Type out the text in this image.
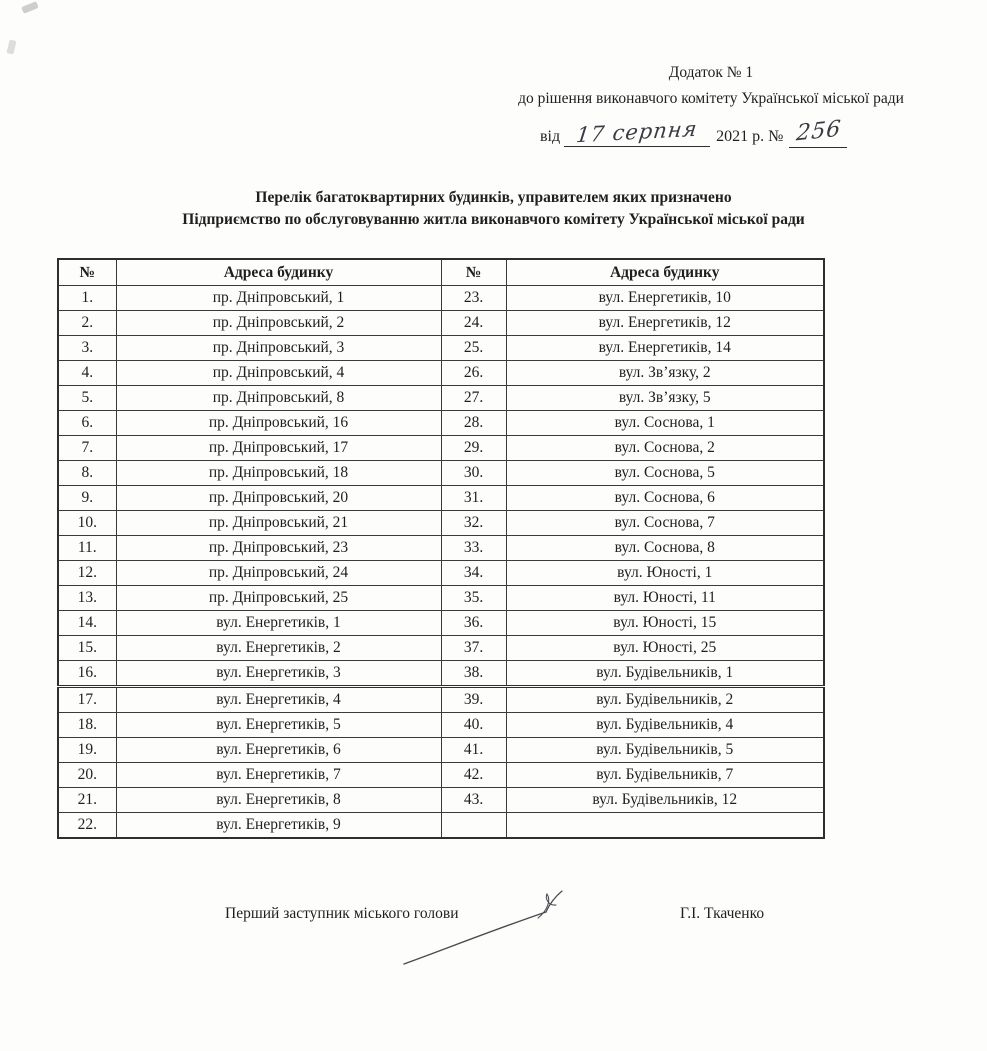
Додаток № 1
до рішення виконавчого комітету Української міської ради
від 17 серпня 2021 р. № 256
Перелік багатоквартирних будинків, управителем яких призначено
Підприємство по обслуговуванню житла виконавчого комітету Української міської ради
№	Адреса будинку	№	Адреса будинку
1.	пр. Дніпровський, 1	23.	вул. Енергетиків, 10
2.	пр. Дніпровський, 2	24.	вул. Енергетиків, 12
3.	пр. Дніпровський, 3	25.	вул. Енергетиків, 14
4.	пр. Дніпровський, 4	26.	вул. Зв’язку, 2
5.	пр. Дніпровський, 8	27.	вул. Зв’язку, 5
6.	пр. Дніпровський, 16	28.	вул. Соснова, 1
7.	пр. Дніпровський, 17	29.	вул. Соснова, 2
8.	пр. Дніпровський, 18	30.	вул. Соснова, 5
9.	пр. Дніпровський, 20	31.	вул. Соснова, 6
10.	пр. Дніпровський, 21	32.	вул. Соснова, 7
11.	пр. Дніпровський, 23	33.	вул. Соснова, 8
12.	пр. Дніпровський, 24	34.	вул. Юності, 1
13.	пр. Дніпровський, 25	35.	вул. Юності, 11
14.	вул. Енергетиків, 1	36.	вул. Юності, 15
15.	вул. Енергетиків, 2	37.	вул. Юності, 25
16.	вул. Енергетиків, 3	38.	вул. Будівельників, 1
17.	вул. Енергетиків, 4	39.	вул. Будівельників, 2
18.	вул. Енергетиків, 5	40.	вул. Будівельників, 4
19.	вул. Енергетиків, 6	41.	вул. Будівельників, 5
20.	вул. Енергетиків, 7	42.	вул. Будівельників, 7
21.	вул. Енергетиків, 8	43.	вул. Будівельників, 12
22.	вул. Енергетиків, 9		
Перший заступник міського голови	Г.І. Ткаченко
